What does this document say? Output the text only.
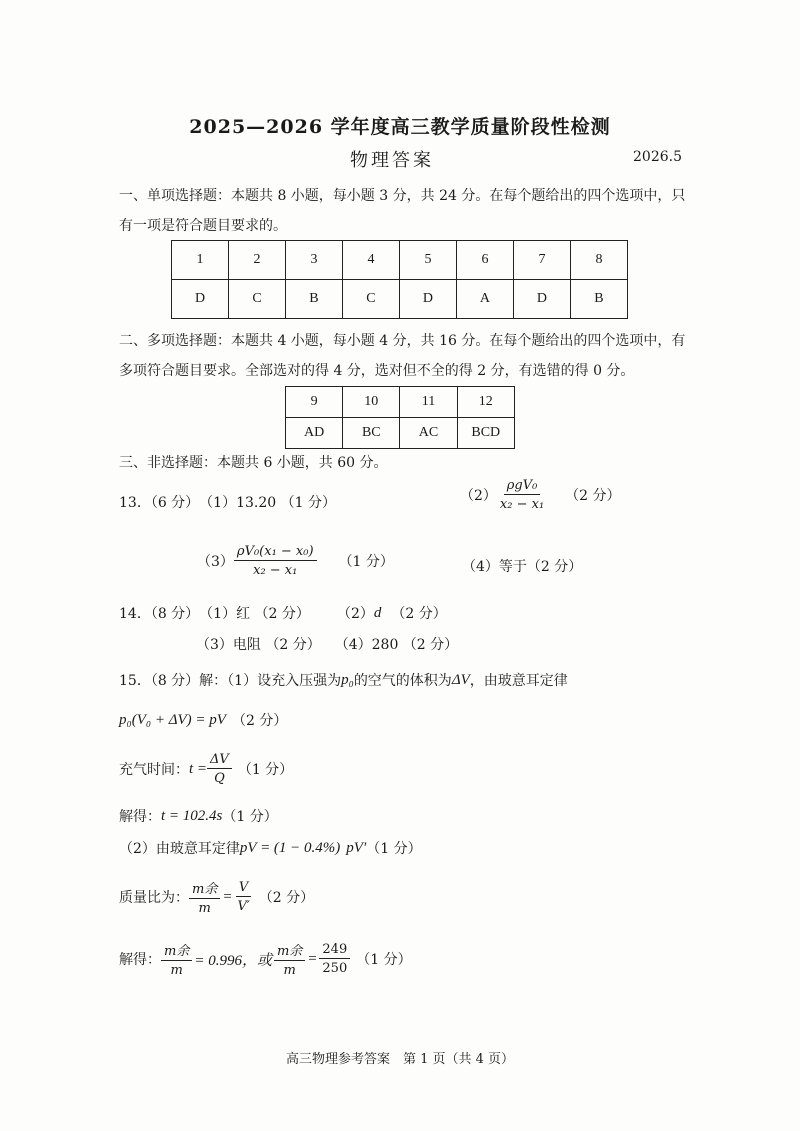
2025—2026 学年度高三教学质量阶段性检测
物理答案	2026.5
一、单项选择题：本题共 8 小题，每小题 3 分，共 24 分。在每个题给出的四个选项中，只
有一项是符合题目要求的。
1	2	3	4	5	6	7	8
D	C	B	C	D	A	D	B
二、多项选择题：本题共 4 小题，每小题 4 分，共 16 分。在每个题给出的四个选项中，有
多项符合题目要求。全部选对的得 4 分，选对但不全的得 2 分，有选错的得 0 分。
9	10	11	12
AD	BC	AC	BCD
三、非选择题：本题共 6 小题，共 60 分。
13．（6 分） （1）13.20 （1 分）	$(2) \frac{\text{ρgV₀}}{\text{x₂ − x₁}} (2$ 分）
$(3) \frac{\text{ρV₀(x₁ − x₀)}}{\text{x₂ − x₁}} (1$ 分）	（4）等于（2 分）
14．（8 分） （1）红 （2 分） （2） d （2 分）
（3）电阻 （2 分） （4）280 （2 分）
15．（8 分） 解：（1）设充入压强为 p₀ 的空气的体积为 ΔV ，由玻意耳定律
p₀(V₀ + ΔV) = pV （2 分）
充气时间： $t = \frac{\Delta V}{Q} (1$ 分）
解得： t = 102.4s （1 分）
（2）由玻意耳定律 pV = (1 − 0.4%) pV′ （1 分）
质量比为： $\frac{\text{m余}}{m} = \frac{V}{V'} (2$ 分）
解得： $\frac{\text{m余}}{m} = 0.996$，或 $\frac{\text{m余}}{m} = \frac{249}{250} (1$ 分）
高三物理参考答案　第 1 页（共 4 页）
